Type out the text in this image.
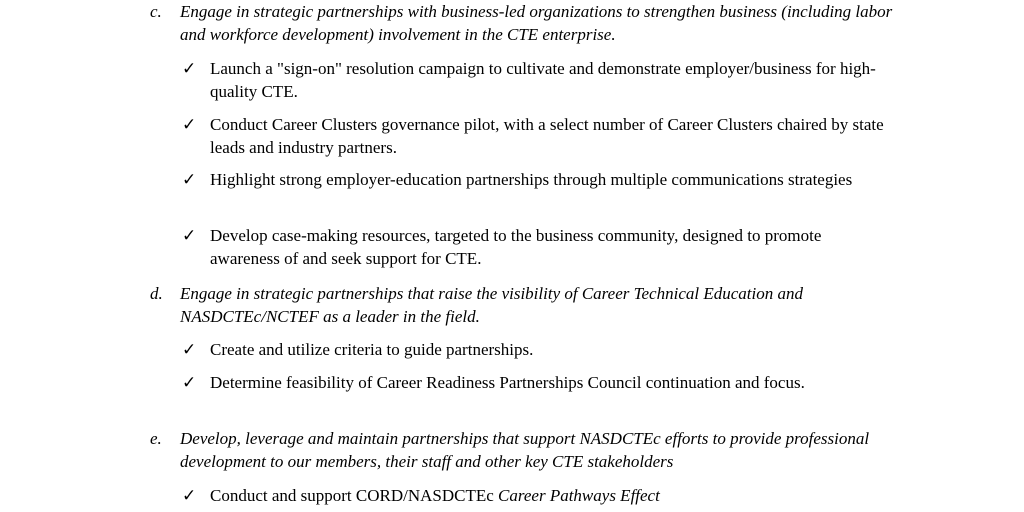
c. Engage in strategic partnerships with business-led organizations to strengthen business (including labor and workforce development) involvement in the CTE enterprise.
✓ Launch a "sign-on" resolution campaign to cultivate and demonstrate employer/business for high-quality CTE.
✓ Conduct Career Clusters governance pilot, with a select number of Career Clusters chaired by state leads and industry partners.
✓ Highlight strong employer-education partnerships through multiple communications strategies
✓ Develop case-making resources, targeted to the business community, designed to promote awareness of and seek support for CTE.
d. Engage in strategic partnerships that raise the visibility of Career Technical Education and NASDCTEc/NCTEF as a leader in the field.
✓ Create and utilize criteria to guide partnerships.
✓ Determine feasibility of Career Readiness Partnerships Council continuation and focus.
e. Develop, leverage and maintain partnerships that support NASDCTEc efforts to provide professional development to our members, their staff and other key CTE stakeholders
✓ Conduct and support CORD/NASDCTEc Career Pathways Effect
